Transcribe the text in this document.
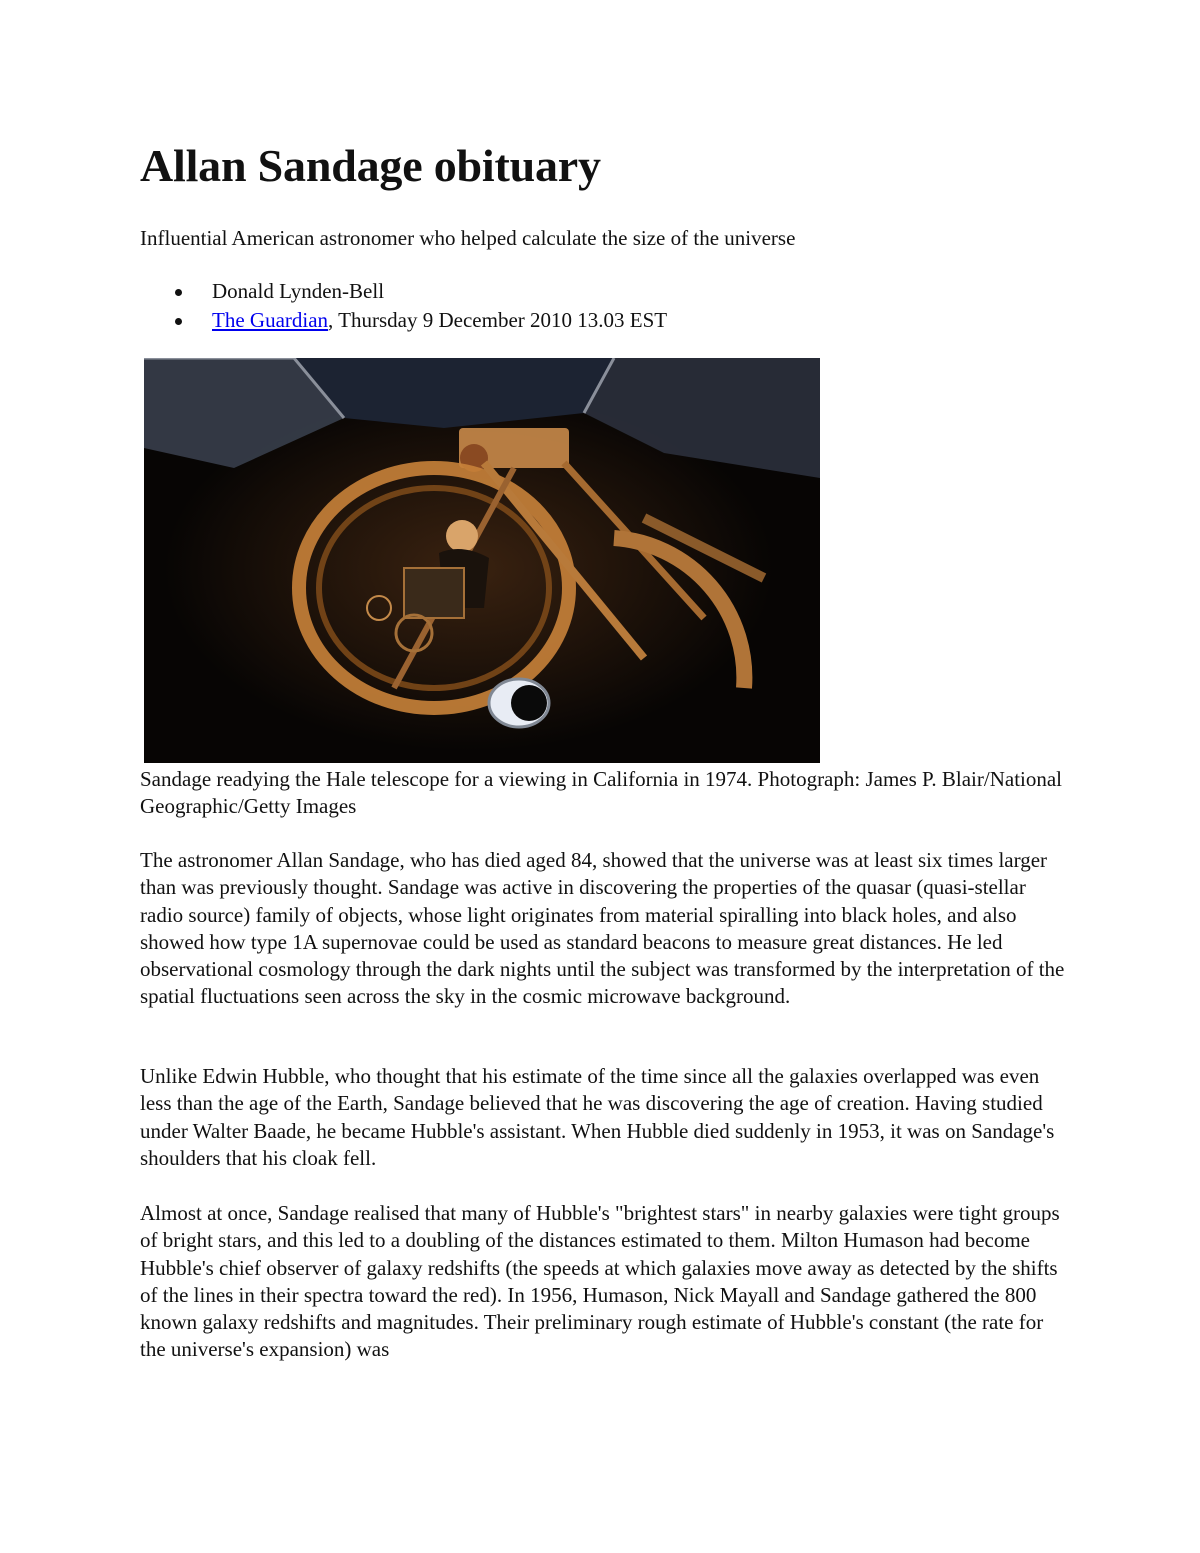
Allan Sandage obituary

Influential American astronomer who helped calculate the size of the universe

Donald Lynden-Bell
The Guardian, Thursday 9 December 2010 13.03 EST

Sandage readying the Hale telescope for a viewing in California in 1974. Photograph: James P. Blair/National Geographic/Getty Images

The astronomer Allan Sandage, who has died aged 84, showed that the universe was at least six times larger than was previously thought. Sandage was active in discovering the properties of the quasar (quasi-stellar radio source) family of objects, whose light originates from material spiralling into black holes, and also showed how type 1A supernovae could be used as standard beacons to measure great distances. He led observational cosmology through the dark nights until the subject was transformed by the interpretation of the spatial fluctuations seen across the sky in the cosmic microwave background.

Unlike Edwin Hubble, who thought that his estimate of the time since all the galaxies overlapped was even less than the age of the Earth, Sandage believed that he was discovering the age of creation. Having studied under Walter Baade, he became Hubble's assistant. When Hubble died suddenly in 1953, it was on Sandage's shoulders that his cloak fell.

Almost at once, Sandage realised that many of Hubble's "brightest stars" in nearby galaxies were tight groups of bright stars, and this led to a doubling of the distances estimated to them. Milton Humason had become Hubble's chief observer of galaxy redshifts (the speeds at which galaxies move away as detected by the shifts of the lines in their spectra toward the red). In 1956, Humason, Nick Mayall and Sandage gathered the 800 known galaxy redshifts and magnitudes. Their preliminary rough estimate of Hubble's constant (the rate for the universe's expansion) was
